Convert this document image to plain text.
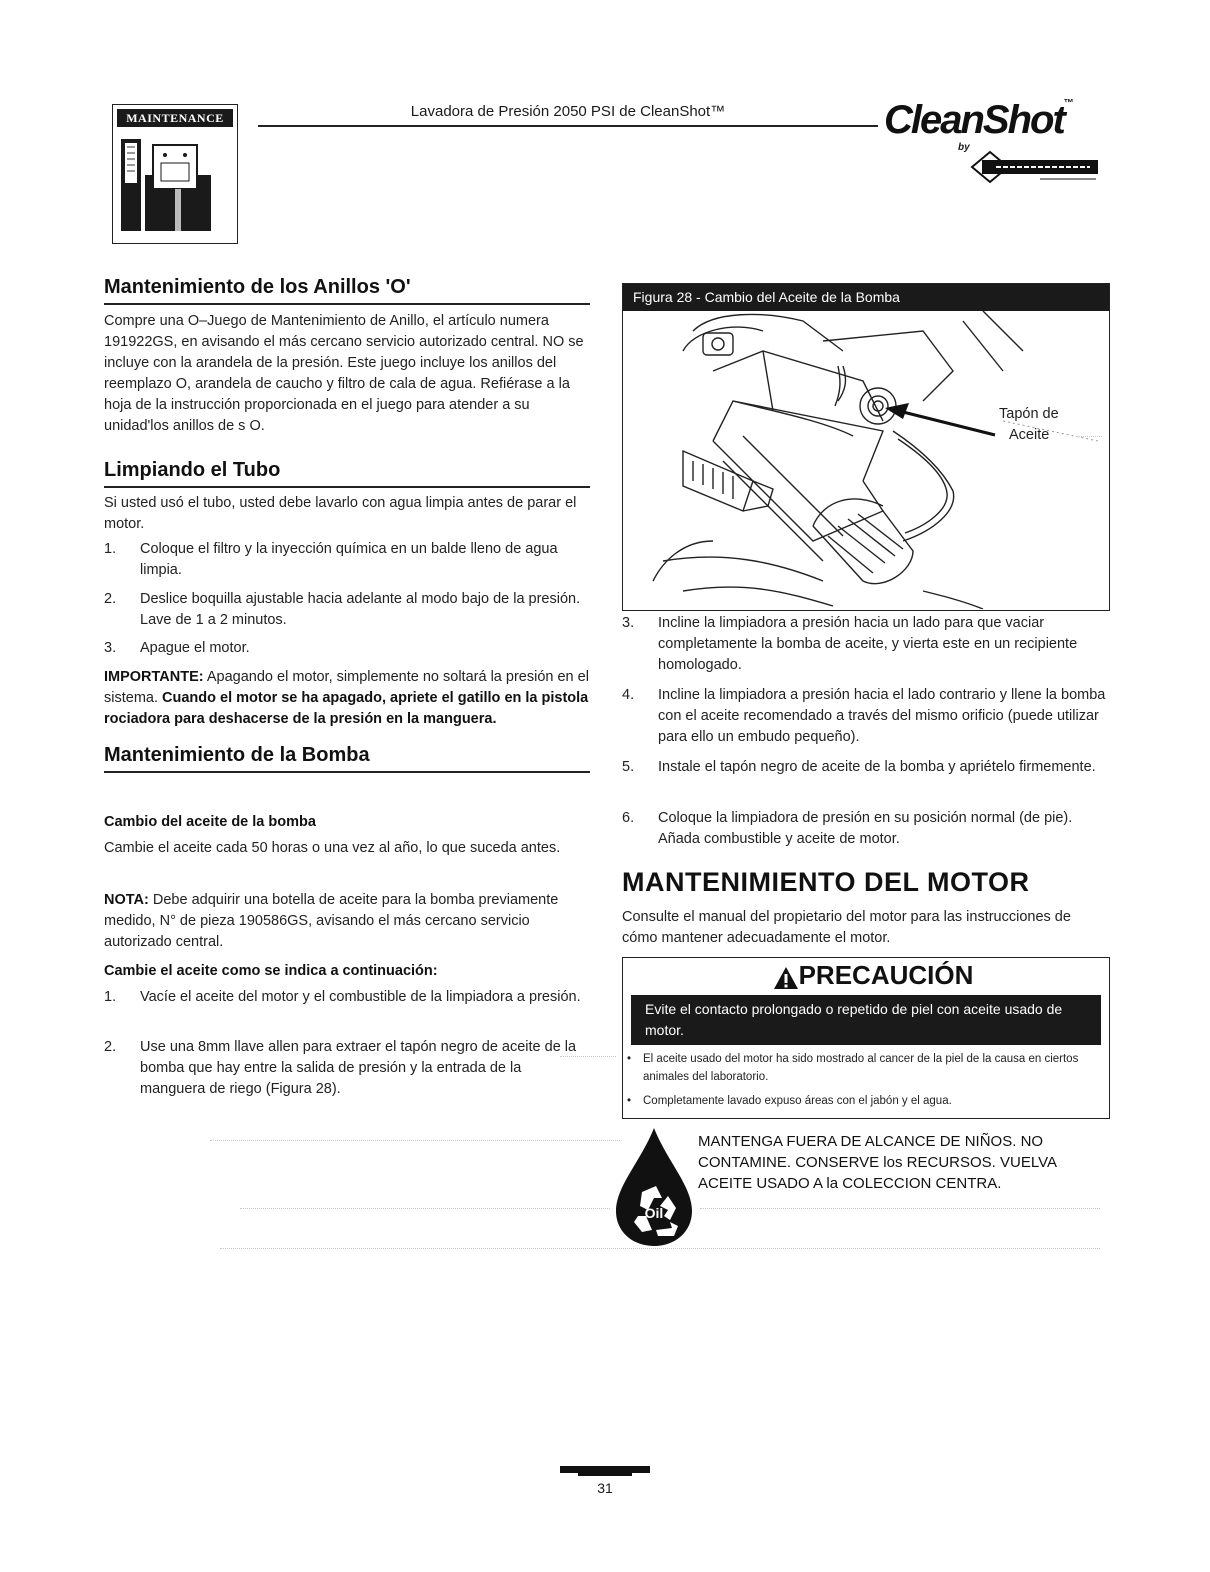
MAINTENANCE	Lavadora de Presión 2050 PSI de CleanShot™	CleanShot™
by
Mantenimiento de los Anillos 'O'
Compre una O–Juego de Mantenimiento de Anillo, el artículo numera 191922GS, en avisando el más cercano servicio autorizado central. NO se incluye con la arandela de la presión. Este juego incluye los anillos del reemplazo O, arandela de caucho y filtro de cala de agua. Refiérase a la hoja de la instrucción proporcionada en el juego para atender a su unidad'los anillos de s O.
Limpiando el Tubo
Si usted usó el tubo, usted debe lavarlo con agua limpia antes de parar el motor.
1. Coloque el filtro y la inyección química en un balde lleno de agua limpia.
2. Deslice boquilla ajustable hacia adelante al modo bajo de la presión. Lave de 1 a 2 minutos.
3. Apague el motor.
IMPORTANTE: Apagando el motor, simplemente no soltará la presión en el sistema. Cuando el motor se ha apagado, apriete el gatillo en la pistola rociadora para deshacerse de la presión en la manguera.
Mantenimiento de la Bomba
Cambio del aceite de la bomba
Cambie el aceite cada 50 horas o una vez al año, lo que suceda antes.
NOTA: Debe adquirir una botella de aceite para la bomba previamente medido, N° de pieza 190586GS, avisando el más cercano servicio autorizado central.
Cambie el aceite como se indica a continuación:
1. Vacíe el aceite del motor y el combustible de la limpiadora a presión.
2. Use una 8mm llave allen para extraer el tapón negro de aceite de la bomba que hay entre la salida de presión y la entrada de la manguera de riego (Figura 28).
Figura 28 - Cambio del Aceite de la Bomba
Tapón de
Aceite
3. Incline la limpiadora a presión hacia un lado para que vaciar completamente la bomba de aceite, y vierta este en un recipiente homologado.
4. Incline la limpiadora a presión hacia el lado contrario y llene la bomba con el aceite recomendado a través del mismo orificio (puede utilizar para ello un embudo pequeño).
5. Instale el tapón negro de aceite de la bomba y apriételo firmemente.
6. Coloque la limpiadora de presión en su posición normal (de pie). Añada combustible y aceite de motor.
MANTENIMIENTO DEL MOTOR
Consulte el manual del propietario del motor para las instrucciones de cómo mantener adecuadamente el motor.
PRECAUCIÓN
Evite el contacto prolongado o repetido de piel con aceite usado de motor.
• El aceite usado del motor ha sido mostrado al cancer de la piel de la causa en ciertos animales del laboratorio.
• Completamente lavado expuso áreas con el jabón y el agua.
Oil
MANTENGA FUERA DE ALCANCE DE NIÑOS. NO CONTAMINE. CONSERVE los RECURSOS. VUELVA ACEITE USADO A la COLECCION CENTRA.
31
